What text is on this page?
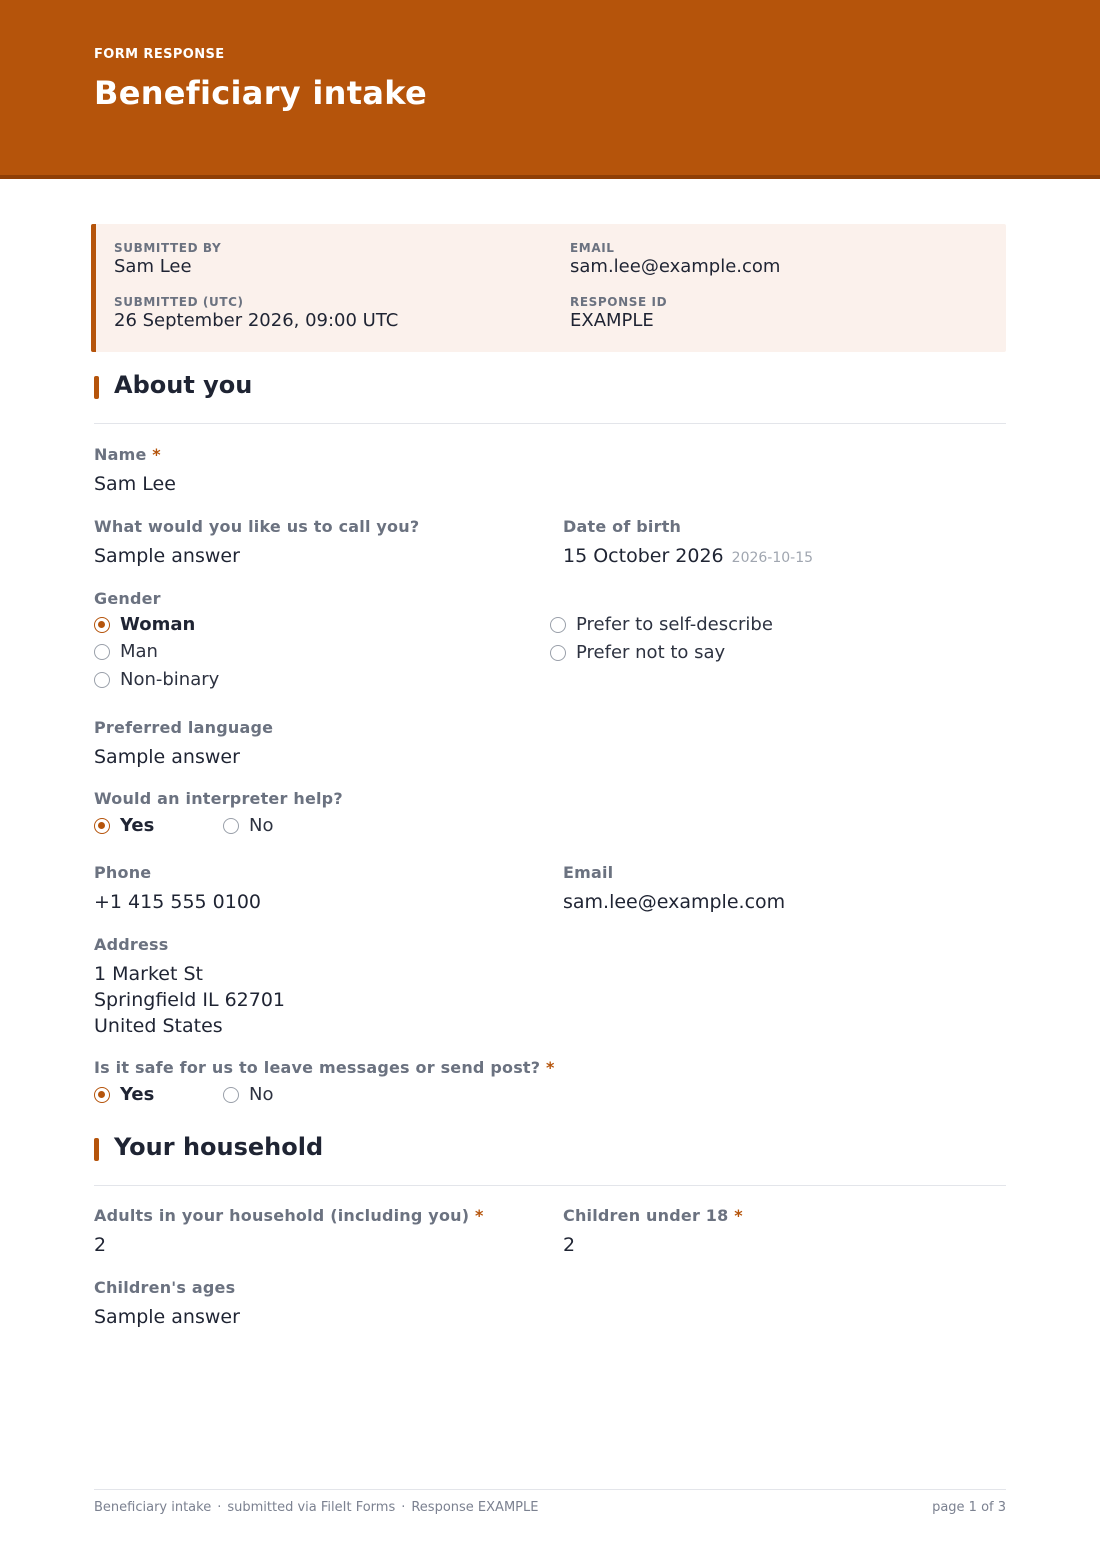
FORM RESPONSE
Beneficiary intake
SUBMITTED BY
Sam Lee
EMAIL
sam.lee@example.com
SUBMITTED (UTC)
26 September 2026, 09:00 UTC
RESPONSE ID
EXAMPLE
About you
Name *
Sam Lee
What would you like us to call you?
Sample answer
Date of birth
15 October 2026 2026-10-15
Gender
Woman
Man
Non-binary
Prefer to self-describe
Prefer not to say
Preferred language
Sample answer
Would an interpreter help?
Yes	No
Phone
+1 415 555 0100
Email
sam.lee@example.com
Address
1 Market St
Springfield IL 62701
United States
Is it safe for us to leave messages or send post? *
Yes	No
Your household
Adults in your household (including you) *
2
Children under 18 *
2
Children's ages
Sample answer
Beneficiary intake · submitted via FileIt Forms · Response EXAMPLE	page 1 of 3
